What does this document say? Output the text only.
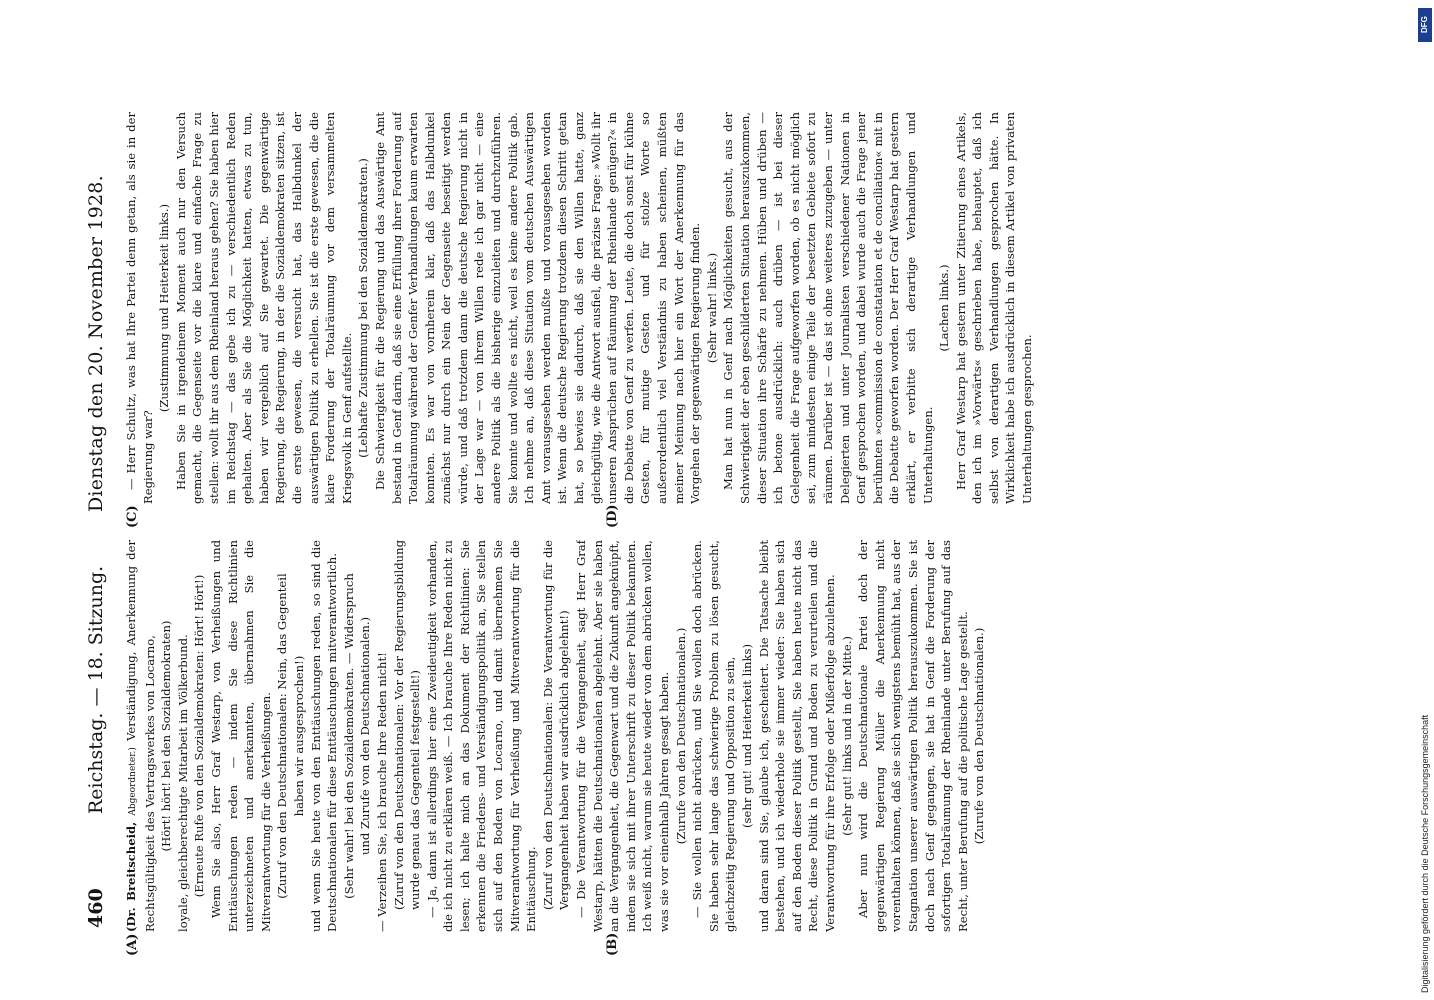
460
Reichstag. — 18. Sitzung.
Dienstag den 20. November 1928.
(A)	(B)
(C)	(D)

(Dr. Breitscheid, Abgeordneter.) Verständigung, Anerkennung der Rechtsgültigkeit des Vertragswerkes von Locarno, (Hört! hört! bei den Sozialdemokraten) loyale, gleichberechtigte Mitarbeit im Völkerbund. (Erneute Rufe von den Sozialdemokraten: Hört! Hört!) Wenn Sie also, Herr Graf Westarp, von Verheißungen und Enttäuschungen reden — indem Sie diese Richtlinien unterzeichneten und anerkannten, übernahmen Sie die Mitverantwortung für die Verheißungen. (Zuruf von den Deutschnationalen: Nein, das Gegenteil haben wir ausgesprochen!) und wenn Sie heute von den Enttäuschungen reden, so sind die Deutschnationalen für diese Enttäuschungen mitverantwortlich. (Sehr wahr! bei den Sozialdemokraten. — Widerspruch und Zurufe von den Deutschnationalen.) — Verzeihen Sie, ich brauche Ihre Reden nicht! (Zuruf von den Deutschnationalen: Vor der Regierungsbildung wurde genau das Gegenteil festgestellt!) — Ja, dann ist allerdings hier eine Zweideutigkeit vorhanden, die ich nicht zu erklären weiß. — Ich brauche Ihre Reden nicht zu lesen; ich halte mich an das Dokument der Richtlinien: Sie erkennen die Friedens- und Verständigungspolitik an, Sie stellen sich auf den Boden von Locarno, und damit übernehmen Sie Mitverantwortung für Verheißung und Mitverantwortung für die Enttäuschung. (Zuruf von den Deutschnationalen: Die Verantwortung für die Vergangenheit haben wir ausdrücklich abgelehnt!) — Die Verantwortung für die Vergangenheit, sagt Herr Graf Westarp, hätten die Deutschnationalen abgelehnt. Aber sie haben an die Vergangenheit, die Gegenwart und die Zukunft angeknüpft, indem sie sich mit ihrer Unterschrift zu dieser Politik bekannten. Ich weiß nicht, warum sie heute wieder von dem abrücken wollen, was sie vor eineinhalb Jahren gesagt haben. (Zurufe von den Deutschnationalen.) — Sie wollen nicht abrücken, und Sie wollen doch abrücken. Sie haben sehr lange das schwierige Problem zu lösen gesucht, gleichzeitig Regierung und Opposition zu sein, (sehr gut! und Heiterkeit links) und daran sind Sie, glaube ich, gescheitert. Die Tatsache bleibt bestehen, und ich wiederhole sie immer wieder: Sie haben sich auf den Boden dieser Politik gestellt, Sie haben heute nicht das Recht, diese Politik in Grund und Boden zu verurteilen und die Verantwortung für ihre Erfolge oder Mißerfolge abzulehnen. (Sehr gut! links und in der Mitte.) Aber nun wird die Deutschnationale Partei doch der gegenwärtigen Regierung Müller die Anerkennung nicht vorenthalten können, daß sie sich wenigstens bemüht hat, aus der Stagnation unserer auswärtigen Politik herauszukommen. Sie ist doch nach Genf gegangen, sie hat in Genf die Forderung der sofortigen Totalräumung der Rheinlande unter Berufung auf das Recht, unter Berufung auf die politische Lage gestellt. (Zurufe von den Deutschnationalen.)

— Herr Schultz, was hat Ihre Partei denn getan, als sie in der Regierung war?

(Zustimmung und Heiterkeit links.) Haben Sie in irgendeinem Moment auch nur den Versuch gemacht, die Gegenseite vor die klare und einfache Frage zu stellen: wollt ihr aus dem Rheinland heraus gehen? Sie haben hier im Reichstag — das gebe ich zu — verschiedentlich Reden gehalten. Aber als Sie die Möglichkeit hatten, etwas zu tun, haben wir vergeblich auf Sie gewartet. Die gegenwärtige Regierung, die Regierung, in der die Sozialdemokraten sitzen, ist die erste gewesen, die versucht hat, das Halbdunkel der auswärtigen Politik zu erhellen. Sie ist die erste gewesen, die die klare Forderung der Totalräumung vor dem versammelten Kriegsvolk in Genf aufstellte. (Lebhafte Zustimmung bei den Sozialdemokraten.) Die Schwierigkeit für die Regierung und das Auswärtige Amt bestand in Genf darin, daß sie eine Erfüllung ihrer Forderung auf Totalräumung während der Genfer Verhandlungen kaum erwarten konnten. Es war von vornherein klar, daß das Halbdunkel zunächst nur durch ein Nein der Gegenseite beseitigt werden würde, und daß trotzdem dann die deutsche Regierung nicht in der Lage war — von ihrem Willen rede ich gar nicht — eine andere Politik als die bisherige einzuleiten und durchzuführen. Sie konnte und wollte es nicht, weil es keine andere Politik gab. Ich nehme an, daß diese Situation vom deutschen Auswärtigen Amt vorausgesehen werden mußte und vorausgesehen worden ist. Wenn die deutsche Regierung trotzdem diesen Schritt getan hat, so bewies sie dadurch, daß sie den Willen hatte, ganz gleichgültig, wie die Antwort ausfiel, die präzise Frage: »Wollt ihr unseren Ansprüchen auf Räumung der Rheinlande genügen?« in die Debatte von Genf zu werfen. Leute, die doch sonst für kühne Gesten, für mutige Gesten und für stolze Worte so außerordentlich viel Verständnis zu haben scheinen, müßten meiner Meinung nach hier ein Wort der Anerkennung für das Vorgehen der gegenwärtigen Regierung finden. (Sehr wahr! links.) Man hat nun in Genf nach Möglichkeiten gesucht, aus der Schwierigkeit der eben geschilderten Situation herauszukommen, dieser Situation ihre Schärfe zu nehmen. Hüben und drüben — ich betone ausdrücklich: auch drüben — ist bei dieser Gelegenheit die Frage aufgeworfen worden, ob es nicht möglich sei, zum mindesten einige Teile der besetzten Gebiete sofort zu räumen. Darüber ist — das ist ohne weiteres zuzugeben — unter Delegierten und unter Journalisten verschiedener Nationen in Genf gesprochen worden, und dabei wurde auch die Frage jener berühmten »commission de constatation et de conciliation« mit in die Debatte geworfen worden. Der Herr Graf Westarp hat gestern erklärt, er verbitte sich derartige Verhandlungen und Unterhaltungen.

(Lachen links.) Herr Graf Westarp hat gestern unter Zitierung eines Artikels, den ich im »Vorwärts« geschrieben habe, behauptet, daß ich selbst von derartigen Verhandlungen gesprochen hätte. In Wirklichkeit habe ich ausdrücklich in diesem Artikel von privaten Unterhaltungen gesprochen.

DFG
Digitalisierung gefördert durch die Deutsche Forschungsgemeinschaft
